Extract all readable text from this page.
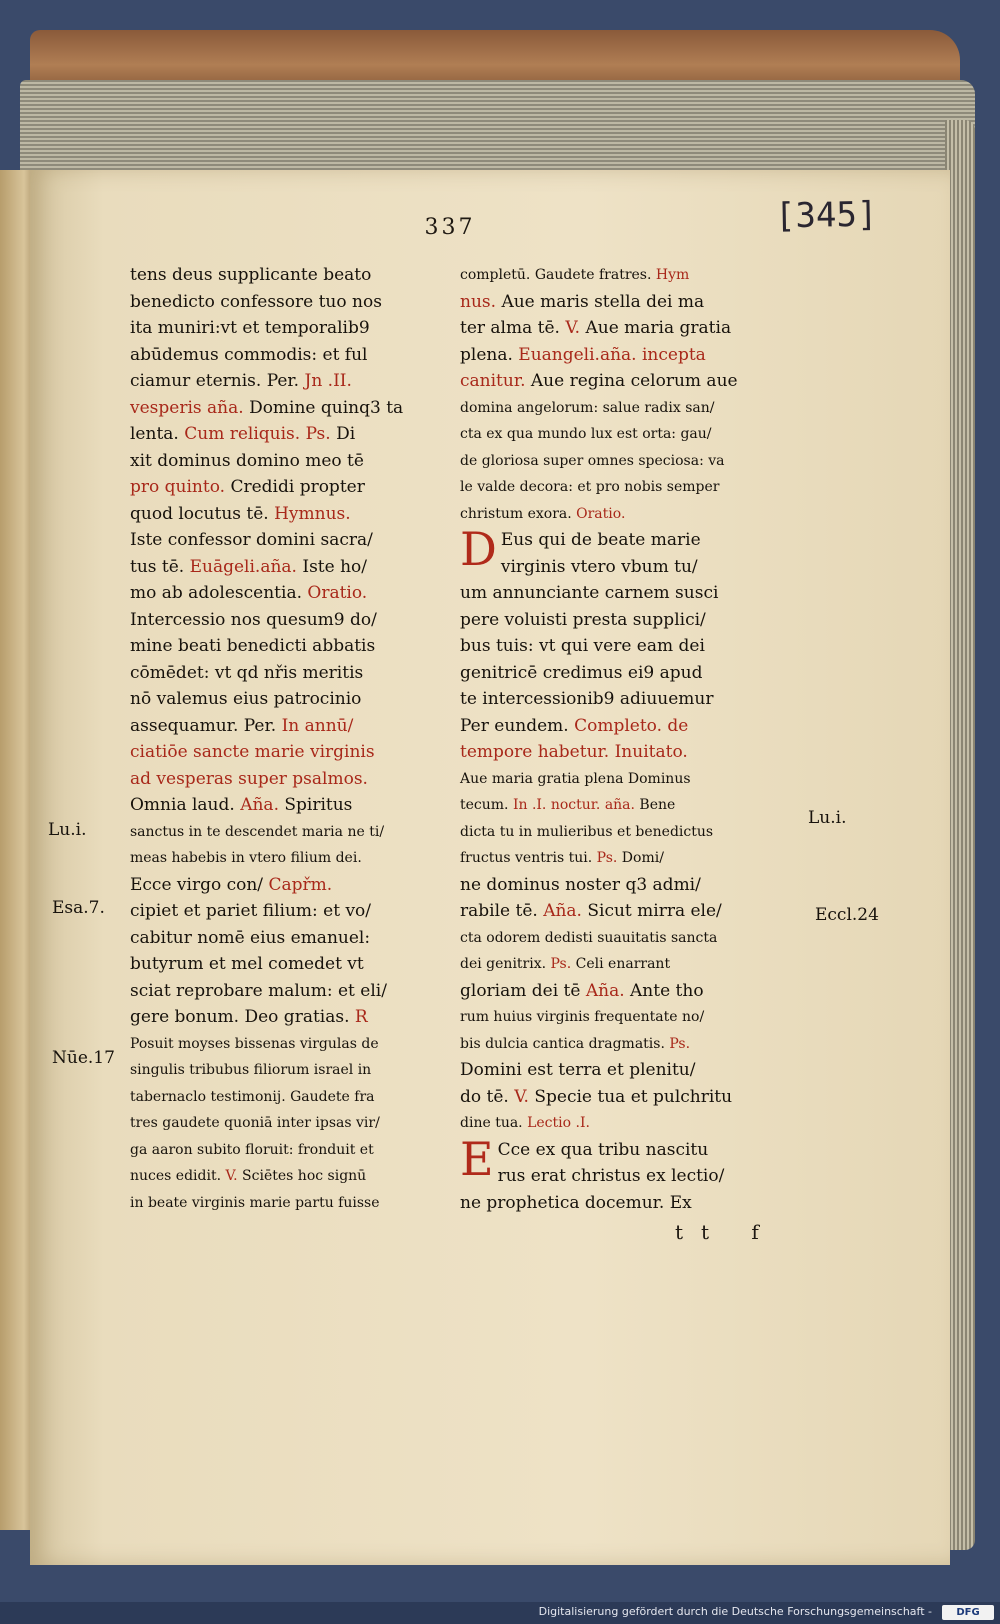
337	[345]
tens deus supplicante beato
benedicto confessore tuo nos
ita muniri:vt et temporalib9
abūdemus commodis: et ful
ciamur eternis. Per. Jn .II.
vesperis aña. Domine quinq3 ta
lenta. Cum reliquis. Ps. Di
xit dominus domino meo tē
pro quinto. Credidi propter
quod locutus tē. Hymnus.
Iste confessor domini sacra/
tus tē. Euāgeli.aña. Iste ho/
mo ab adolescentia. Oratio.
Intercessio nos quesum9 do/
mine beati benedicti abbatis
cōmēdet: vt qd nřis meritis
nō valemus eius patrocinio
assequamur. Per. In annū/
ciatiōe sancte marie virginis
ad vesperas super psalmos.
Omnia laud. Aña. Spiritus
sanctus in te descendet maria ne ti/
meas habebis in vtero filium dei.
Ecce virgo con/ Capřm.
cipiet et pariet filium: et vo/
cabitur nomē eius emanuel:
butyrum et mel comedet vt
sciat reprobare malum: et eli/
gere bonum. Deo gratias. R
Posuit moyses bissenas virgulas de
singulis tribubus filiorum israel in
tabernaclo testimonij. Gaudete fra
tres gaudete quoniā inter ipsas vir/
ga aaron subito floruit: fronduit et
nuces edidit. V. Sciētes hoc signū
in beate virginis marie partu fuisse
completū. Gaudete fratres. Hym
nus. Aue maris stella dei ma
ter alma tē. V. Aue maria gratia
plena. Euangeli.aña. incepta
canitur. Aue regina celorum aue
domina angelorum: salue radix san/
cta ex qua mundo lux est orta: gau/
de gloriosa super omnes speciosa: va
le valde decora: et pro nobis semper
christum exora. Oratio.
D Eus qui de beate marie
virginis vtero vbum tu/
um annunciante carnem susci
pere voluisti presta supplici/
bus tuis: vt qui vere eam dei
genitricē credimus ei9 apud
te intercessionib9 adiuuemur
Per eundem. Completo. de
tempore habetur. Inuitato.
Aue maria gratia plena Dominus
tecum. In .I. noctur. aña. Bene
dicta tu in mulieribus et benedictus
fructus ventris tui. Ps. Domi/
ne dominus noster q3 admi/
rabile tē. Aña. Sicut mirra ele/
cta odorem dedisti suauitatis sancta
dei genitrix. Ps. Celi enarrant
gloriam dei tē Aña. Ante tho
rum huius virginis frequentate no/
bis dulcia cantica dragmatis. Ps.
Domini est terra et plenitu/
do tē. V. Specie tua et pulchritu
dine tua. Lectio .I.
E Cce ex qua tribu nascitu
rus erat christus ex lectio/
ne prophetica docemur. Ex
Lu.i.
Esa.7.
Nūe.17
Lu.i.
Eccl.24
tt f
Digitalisierung gefördert durch die Deutsche Forschungsgemeinschaft -	DFG
